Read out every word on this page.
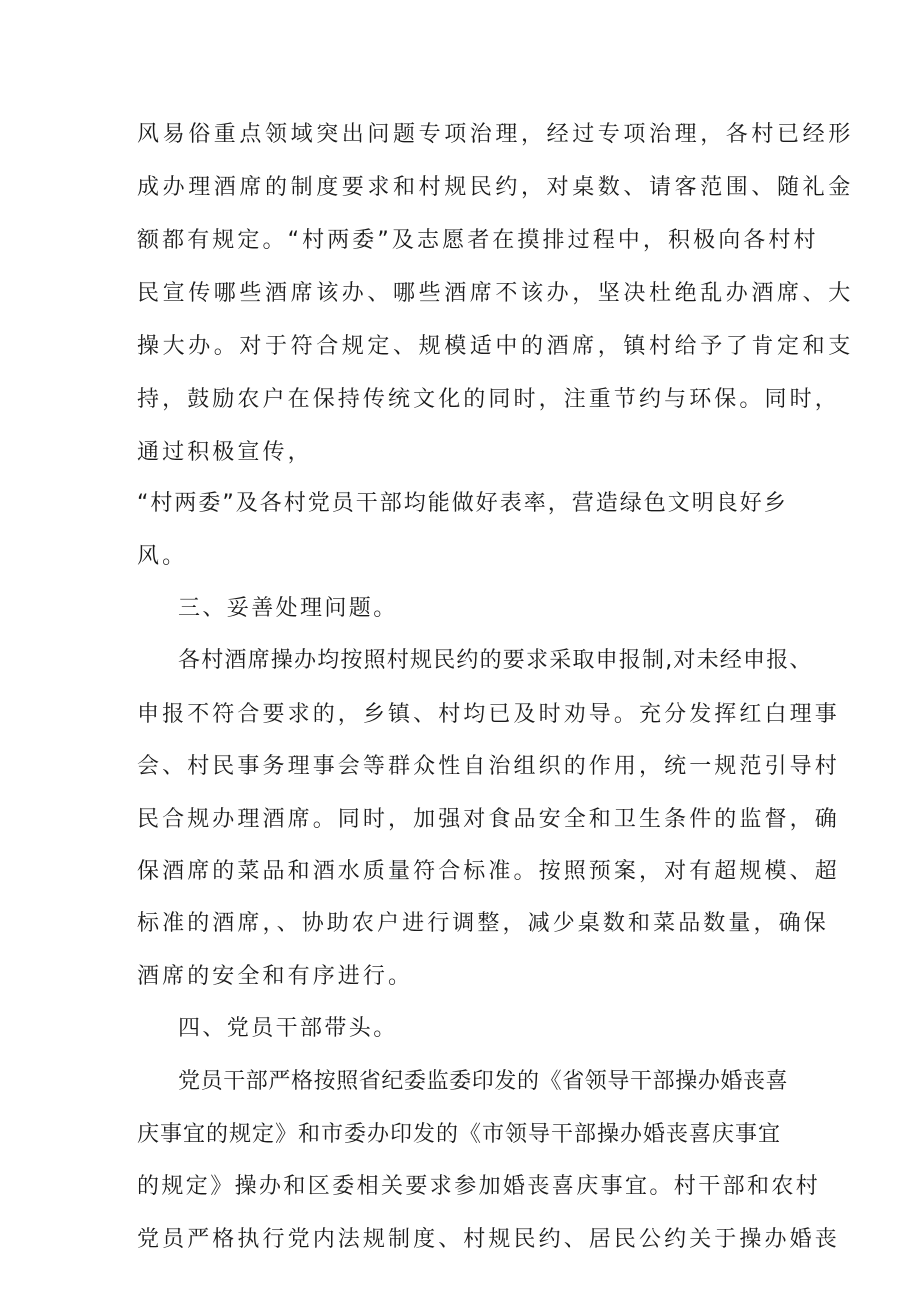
风易俗重点领域突出问题专项治理，经过专项治理，各村已经形
成办理酒席的制度要求和村规民约，对桌数、请客范围、随礼金
额都有规定。“村两委”及志愿者在摸排过程中，积极向各村村
民宣传哪些酒席该办、哪些酒席不该办，坚决杜绝乱办酒席、大
操大办。对于符合规定、规模适中的酒席，镇村给予了肯定和支
持，鼓励农户在保持传统文化的同时，注重节约与环保。同时，
通过积极宣传，
“村两委”及各村党员干部均能做好表率，营造绿色文明良好乡
风。
三、妥善处理问题。
各村酒席操办均按照村规民约的要求采取申报制,对未经申报、
申报不符合要求的，乡镇、村均已及时劝导。充分发挥红白理事
会、村民事务理事会等群众性自治组织的作用，统一规范引导村
民合规办理酒席。同时，加强对食品安全和卫生条件的监督，确
保酒席的菜品和酒水质量符合标准。按照预案，对有超规模、超
标准的酒席，、协助农户进行调整，减少桌数和菜品数量，确保
酒席的安全和有序进行。
四、党员干部带头。
党员干部严格按照省纪委监委印发的《省领导干部操办婚丧喜
庆事宜的规定》和市委办印发的《市领导干部操办婚丧喜庆事宜
的规定》操办和区委相关要求参加婚丧喜庆事宜。村干部和农村
党员严格执行党内法规制度、村规民约、居民公约关于操办婚丧
